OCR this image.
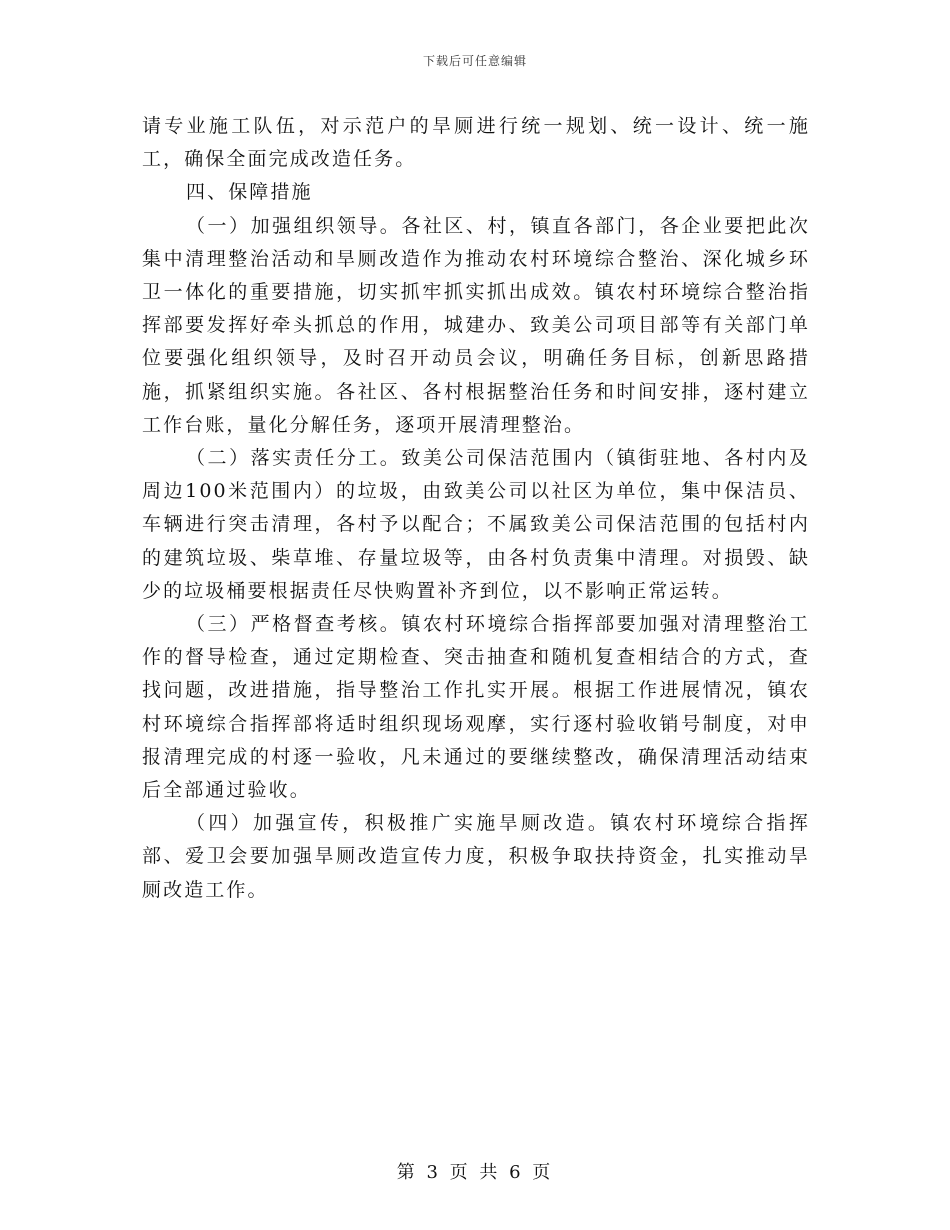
下载后可任意编辑

请专业施工队伍，对示范户的旱厕进行统一规划、统一设计、统一施工，确保全面完成改造任务。

四、保障措施

（一）加强组织领导。各社区、村，镇直各部门，各企业要把此次集中清理整治活动和旱厕改造作为推动农村环境综合整治、深化城乡环卫一体化的重要措施，切实抓牢抓实抓出成效。镇农村环境综合整治指挥部要发挥好牵头抓总的作用，城建办、致美公司项目部等有关部门单位要强化组织领导，及时召开动员会议，明确任务目标，创新思路措施，抓紧组织实施。各社区、各村根据整治任务和时间安排，逐村建立工作台账，量化分解任务，逐项开展清理整治。

（二）落实责任分工。致美公司保洁范围内（镇街驻地、各村内及周边100米范围内）的垃圾，由致美公司以社区为单位，集中保洁员、车辆进行突击清理，各村予以配合；不属致美公司保洁范围的包括村内的建筑垃圾、柴草堆、存量垃圾等，由各村负责集中清理。对损毁、缺少的垃圾桶要根据责任尽快购置补齐到位，以不影响正常运转。

（三）严格督查考核。镇农村环境综合指挥部要加强对清理整治工作的督导检查，通过定期检查、突击抽查和随机复查相结合的方式，查找问题，改进措施，指导整治工作扎实开展。根据工作进展情况，镇农村环境综合指挥部将适时组织现场观摩，实行逐村验收销号制度，对申报清理完成的村逐一验收，凡未通过的要继续整改，确保清理活动结束后全部通过验收。

（四）加强宣传，积极推广实施旱厕改造。镇农村环境综合指挥部、爱卫会要加强旱厕改造宣传力度，积极争取扶持资金，扎实推动旱厕改造工作。

第 3 页 共 6 页
